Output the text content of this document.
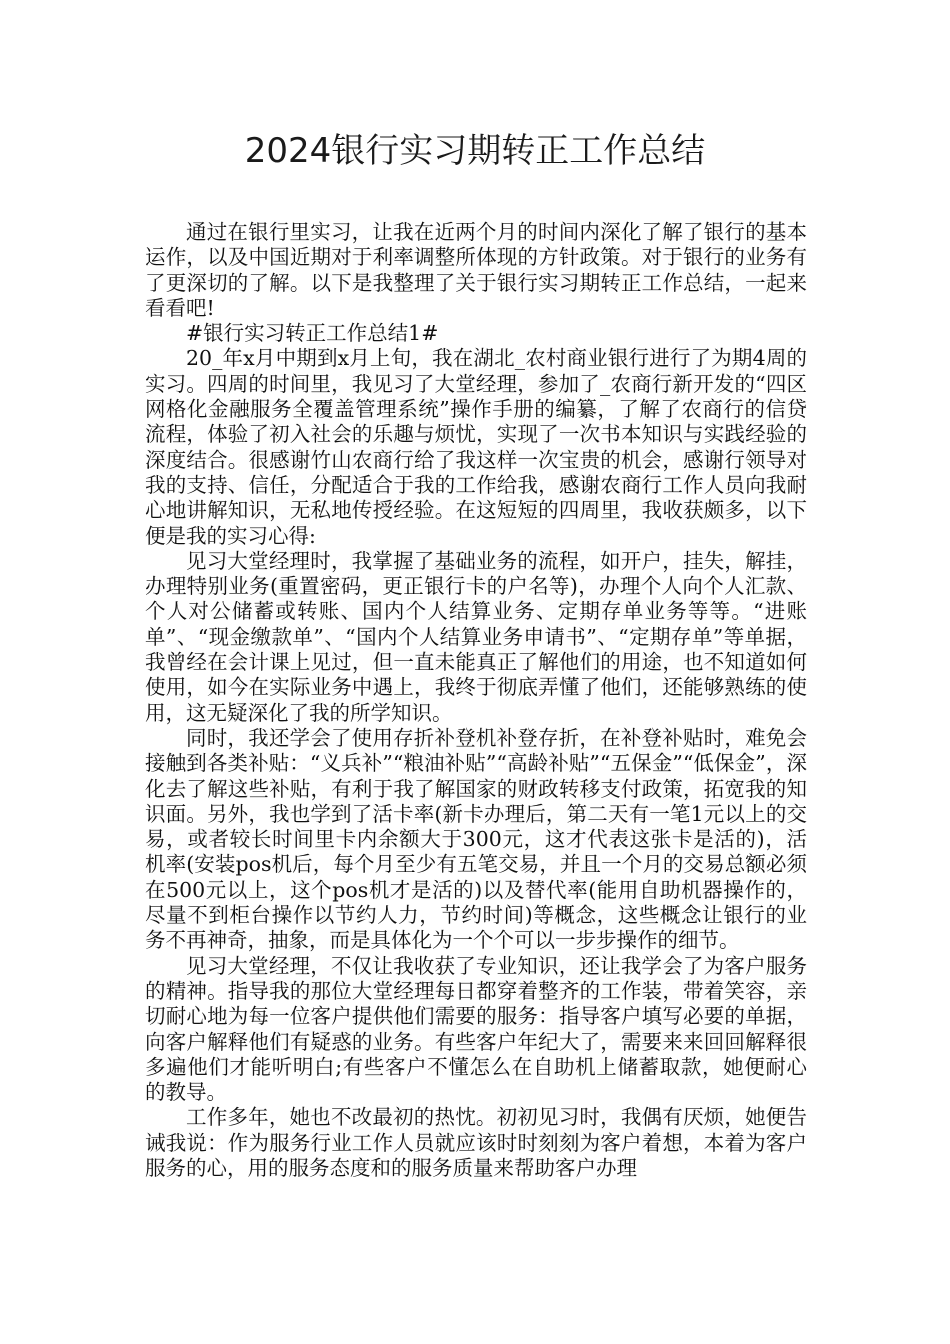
2024银行实习期转正工作总结

通过在银行里实习，让我在近两个月的时间内深化了解了银行的基本运作，以及中国近期对于利率调整所体现的方针政策。对于银行的业务有了更深切的了解。以下是我整理了关于银行实习期转正工作总结，一起来看看吧!

#银行实习转正工作总结1#

20_年x月中期到x月上旬，我在湖北_农村商业银行进行了为期4周的实习。四周的时间里，我见习了大堂经理，参加了_农商行新开发的“四区网格化金融服务全覆盖管理系统”操作手册的编纂，了解了农商行的信贷流程，体验了初入社会的乐趣与烦忧，实现了一次书本知识与实践经验的深度结合。很感谢竹山农商行给了我这样一次宝贵的机会，感谢行领导对我的支持、信任，分配适合于我的工作给我，感谢农商行工作人员向我耐心地讲解知识，无私地传授经验。在这短短的四周里，我收获颇多，以下便是我的实习心得:

见习大堂经理时，我掌握了基础业务的流程，如开户，挂失，解挂，办理特别业务(重置密码，更正银行卡的户名等)，办理个人向个人汇款、个人对公储蓄或转账、国内个人结算业务、定期存单业务等等。“进账单”、“现金缴款单”、“国内个人结算业务申请书”、“定期存单”等单据，我曾经在会计课上见过，但一直未能真正了解他们的用途，也不知道如何使用，如今在实际业务中遇上，我终于彻底弄懂了他们，还能够熟练的使用，这无疑深化了我的所学知识。

同时，我还学会了使用存折补登机补登存折，在补登补贴时，难免会接触到各类补贴：“义兵补”“粮油补贴”“高龄补贴”“五保金”“低保金”，深化去了解这些补贴，有利于我了解国家的财政转移支付政策，拓宽我的知识面。另外，我也学到了活卡率(新卡办理后，第二天有一笔1元以上的交易，或者较长时间里卡内余额大于300元，这才代表这张卡是活的)，活机率(安装pos机后，每个月至少有五笔交易，并且一个月的交易总额必须在500元以上，这个pos机才是活的)以及替代率(能用自助机器操作的，尽量不到柜台操作以节约人力，节约时间)等概念，这些概念让银行的业务不再神奇，抽象，而是具体化为一个个可以一步步操作的细节。

见习大堂经理，不仅让我收获了专业知识，还让我学会了为客户服务的精神。指导我的那位大堂经理每日都穿着整齐的工作装，带着笑容，亲切耐心地为每一位客户提供他们需要的服务：指导客户填写必要的单据，向客户解释他们有疑惑的业务。有些客户年纪大了，需要来来回回解释很多遍他们才能听明白;有些客户不懂怎么在自助机上储蓄取款，她便耐心的教导。

工作多年，她也不改最初的热忱。初初见习时，我偶有厌烦，她便告诫我说：作为服务行业工作人员就应该时时刻刻为客户着想，本着为客户服务的心，用的服务态度和的服务质量来帮助客户办理
